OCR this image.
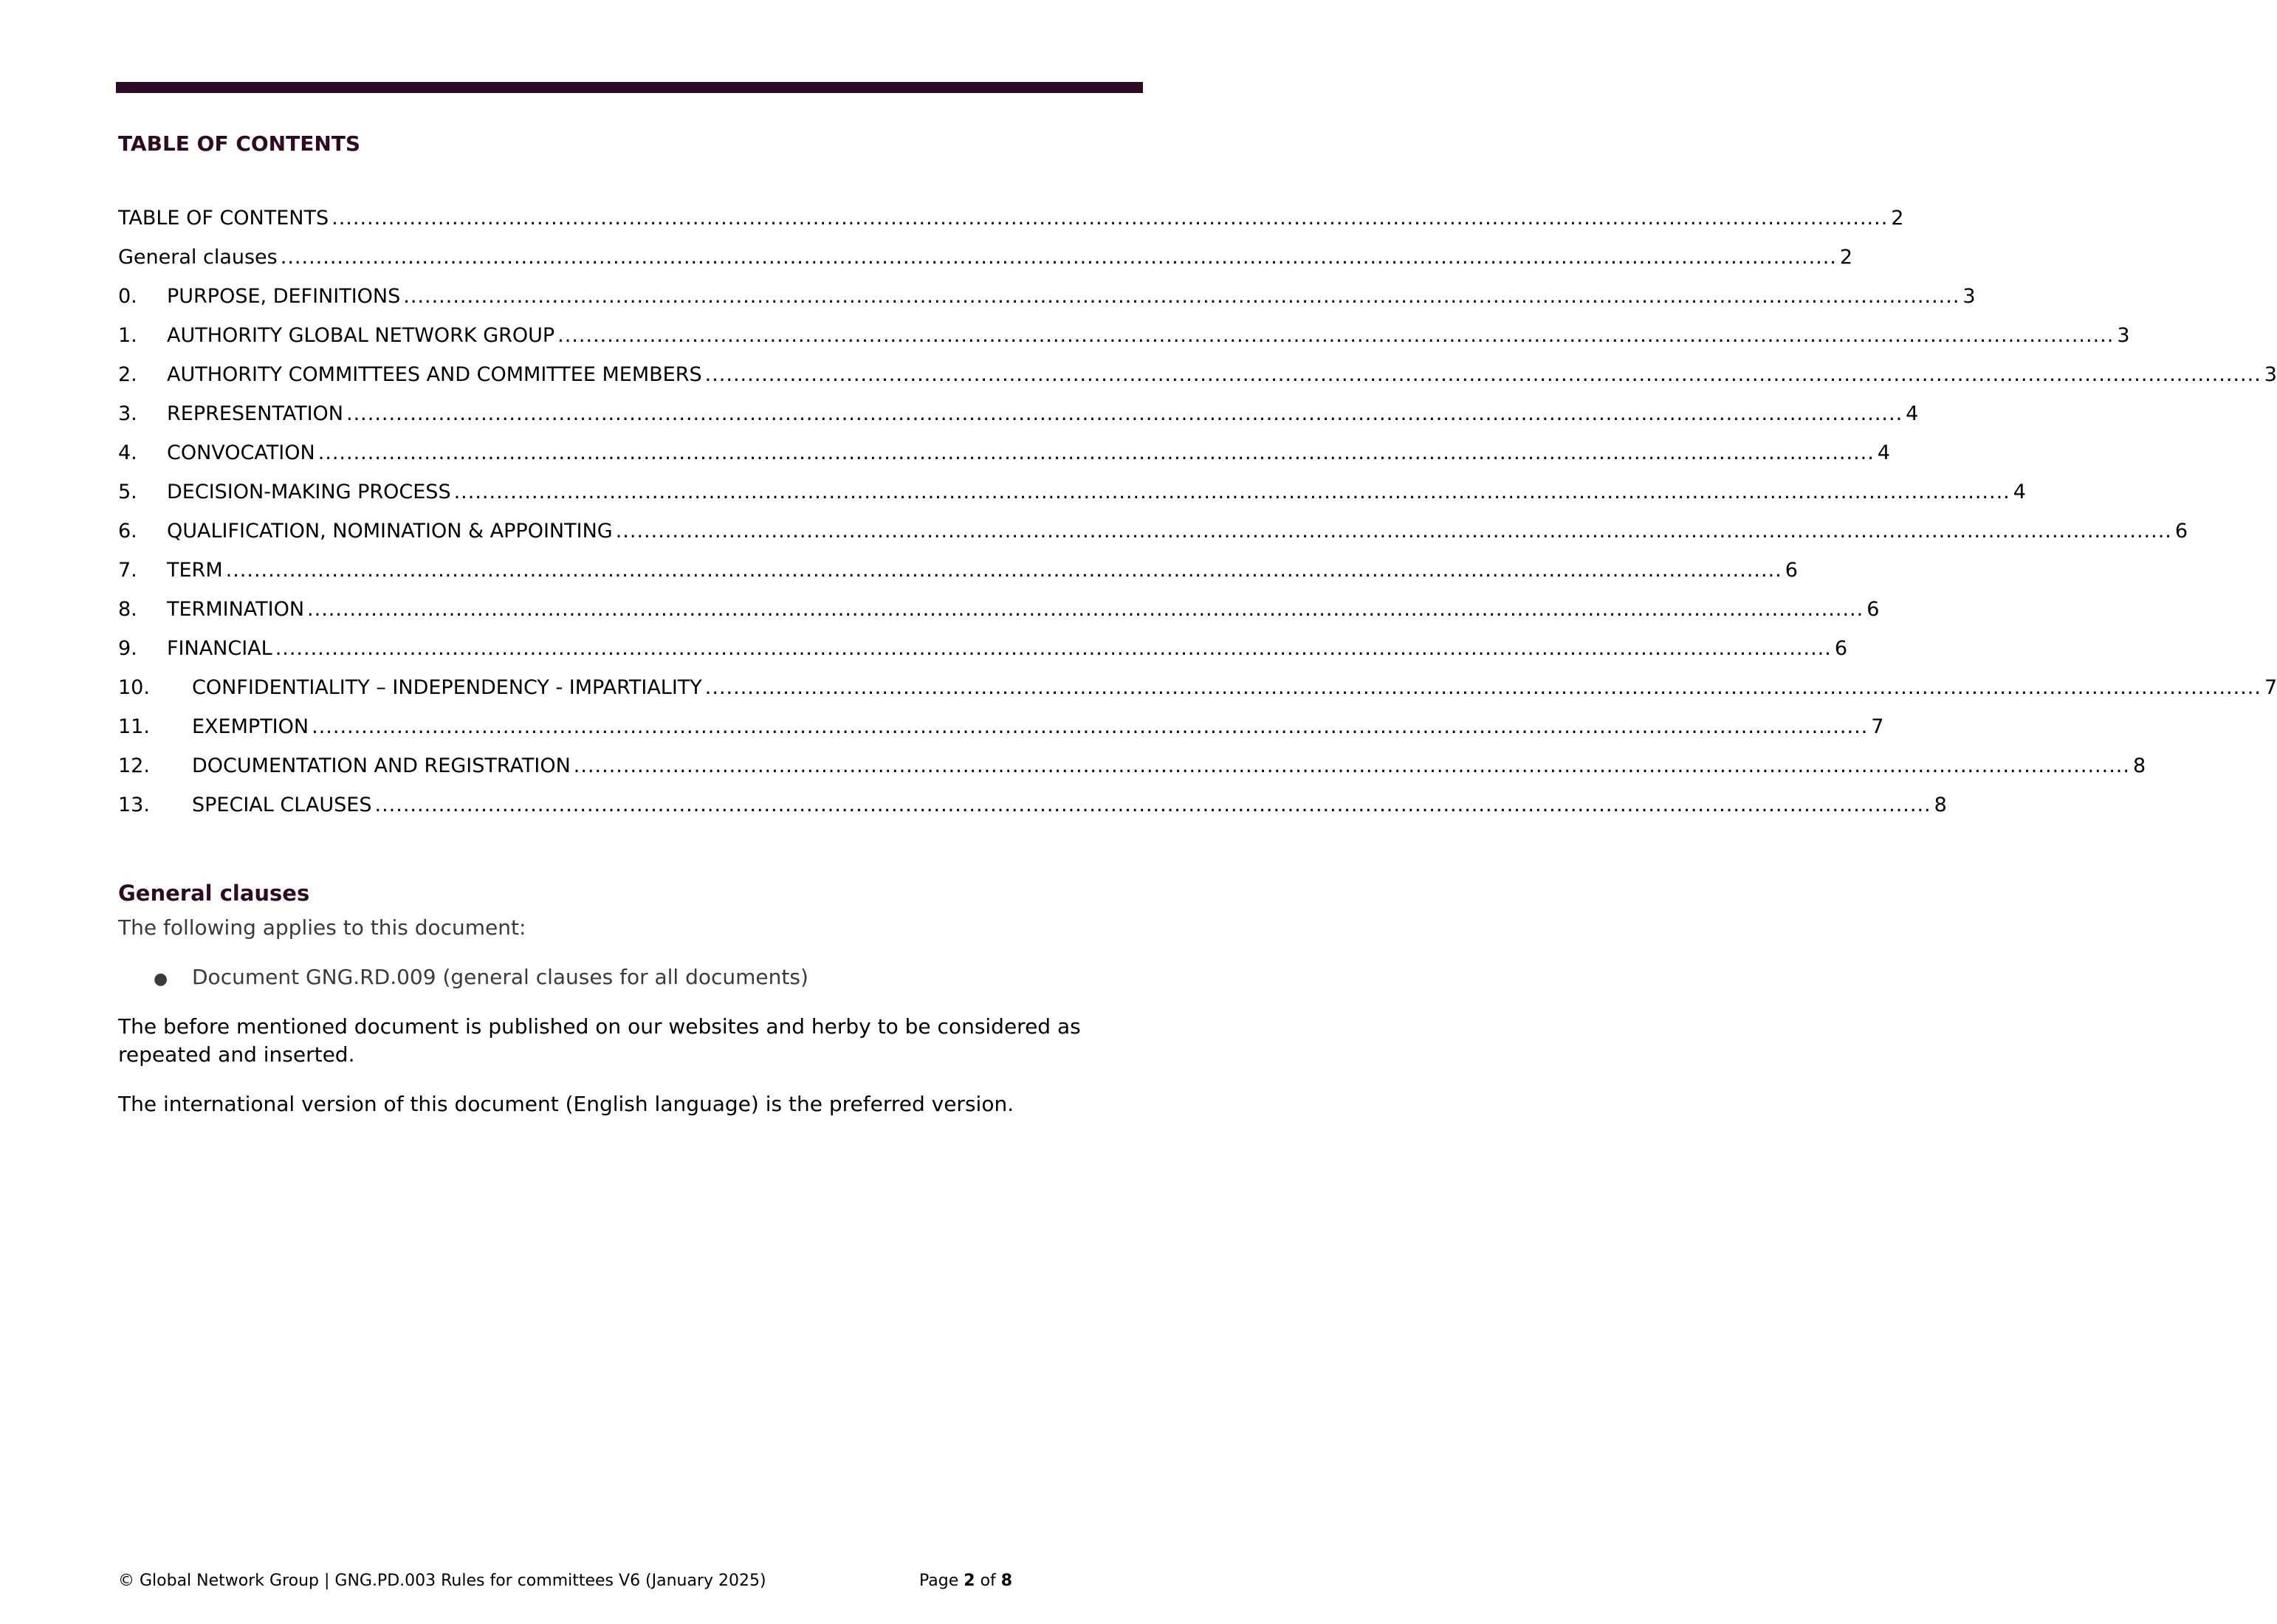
TABLE OF CONTENTS
TABLE OF CONTENTS ............................................................................................................................................................................................................................ 2
General clauses ............................................................................................................................................................................................................................ 2
0.	PURPOSE, DEFINITIONS ............................................................................................................................................................................................................................ 3
1.	AUTHORITY GLOBAL NETWORK GROUP ............................................................................................................................................................................................................................ 3
2.	AUTHORITY COMMITTEES AND COMMITTEE MEMBERS ............................................................................................................................................................................................................................ 3
3.	REPRESENTATION ............................................................................................................................................................................................................................ 4
4.	CONVOCATION ............................................................................................................................................................................................................................ 4
5.	DECISION-MAKING PROCESS ............................................................................................................................................................................................................................ 4
6.	QUALIFICATION, NOMINATION & APPOINTING ............................................................................................................................................................................................................................ 6
7.	TERM ............................................................................................................................................................................................................................ 6
8.	TERMINATION ............................................................................................................................................................................................................................ 6
9.	FINANCIAL ............................................................................................................................................................................................................................ 6
10.	CONFIDENTIALITY – INDEPENDENCY - IMPARTIALITY ............................................................................................................................................................................................................................ 7
11.	EXEMPTION ............................................................................................................................................................................................................................ 7
12.	DOCUMENTATION AND REGISTRATION ............................................................................................................................................................................................................................ 8
13.	SPECIAL CLAUSES ............................................................................................................................................................................................................................ 8
General clauses

The following applies to this document:

● Document GNG.RD.009 (general clauses for all documents)

The before mentioned document is published on our websites and herby to be considered as repeated and inserted.

The international version of this document (English language) is the preferred version.

© Global Network Group | GNG.PD.003 Rules for committees V6 (January 2025)	Page 2 of 8
